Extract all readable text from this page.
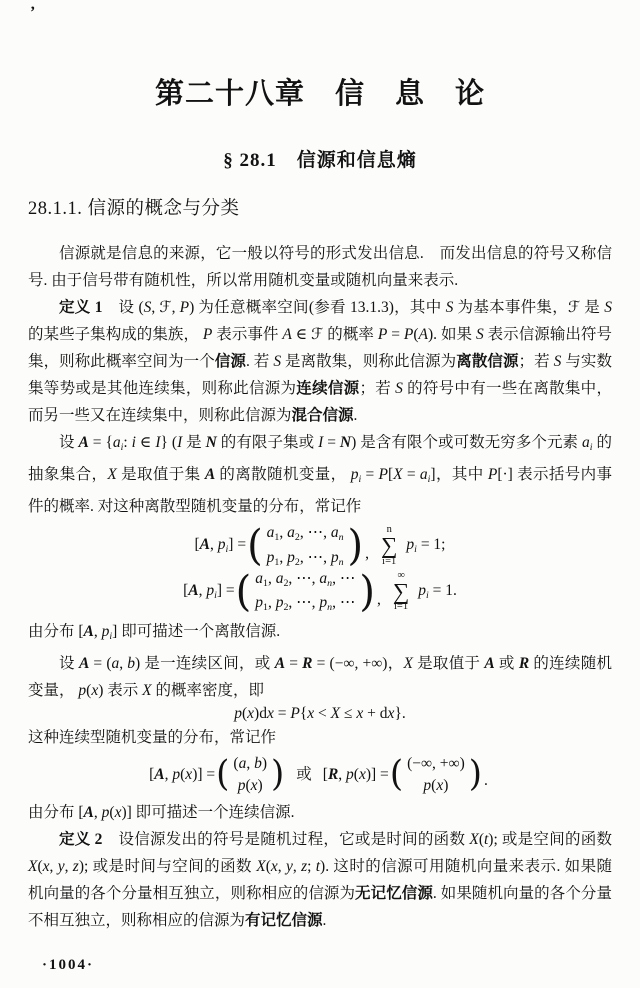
’
第二十八章　信　息　论
§ 28.1　信源和信息熵
28.1.1. 信源的概念与分类

信源就是信息的来源，它一般以符号的形式发出信息.　而发出信息的符号又称信号. 由于信号带有随机性，所以常用随机变量或随机向量来表示.

定义 1　设 (S, ℱ, P) 为任意概率空间(参看 13.1.3)，其中 S 为基本事件集，ℱ 是 S 的某些子集构成的集族， P 表示事件 A ∈ ℱ 的概率 P = P(A). 如果 S 表示信源输出符号集，则称此概率空间为一个信源. 若 S 是离散集，则称此信源为离散信源；若 S 与实数集等势或是其他连续集，则称此信源为连续信源；若 S 的符号中有一些在离散集中，而另一些又在连续集中，则称此信源为混合信源.

设 A = {ai: i ∈ I} (I 是 N 的有限子集或 I = N) 是含有限个或可数无穷多个元素 ai 的抽象集合，X 是取值于集 A 的离散随机变量， pi = P[X = ai]，其中 P[·] 表示括号内事件的概率. 对这种离散型随机变量的分布，常记作

[A, pi] = ( a1, a2, ⋯, an
p1, p2, ⋯, pn ) ,
n
∑
i=1
pi = 1;
[A, pi] = ( a1, a2, ⋯, an, ⋯
p1, p2, ⋯, pn, ⋯ ) ,
∞
∑
i=1
pi = 1.

由分布 [A, pi] 即可描述一个离散信源.

设 A = (a, b) 是一连续区间，或 A = R = (−∞, +∞)，X 是取值于 A 或 R 的连续随机变量， p(x) 表示 X 的概率密度，即

p(x)dx = P{x < X ≤ x + dx}.

这种连续型随机变量的分布，常记作

[A, p(x)] = ( (a, b)
p(x) ) 或 [R, p(x)] = ( (−∞, +∞)
p(x) ) .

由分布 [A, p(x)] 即可描述一个连续信源.

定义 2　设信源发出的符号是随机过程，它或是时间的函数 X(t); 或是空间的函数 X(x, y, z); 或是时间与空间的函数 X(x, y, z; t). 这时的信源可用随机向量来表示. 如果随机向量的各个分量相互独立，则称相应的信源为无记忆信源. 如果随机向量的各个分量不相互独立，则称相应的信源为有记忆信源.

·1004·
